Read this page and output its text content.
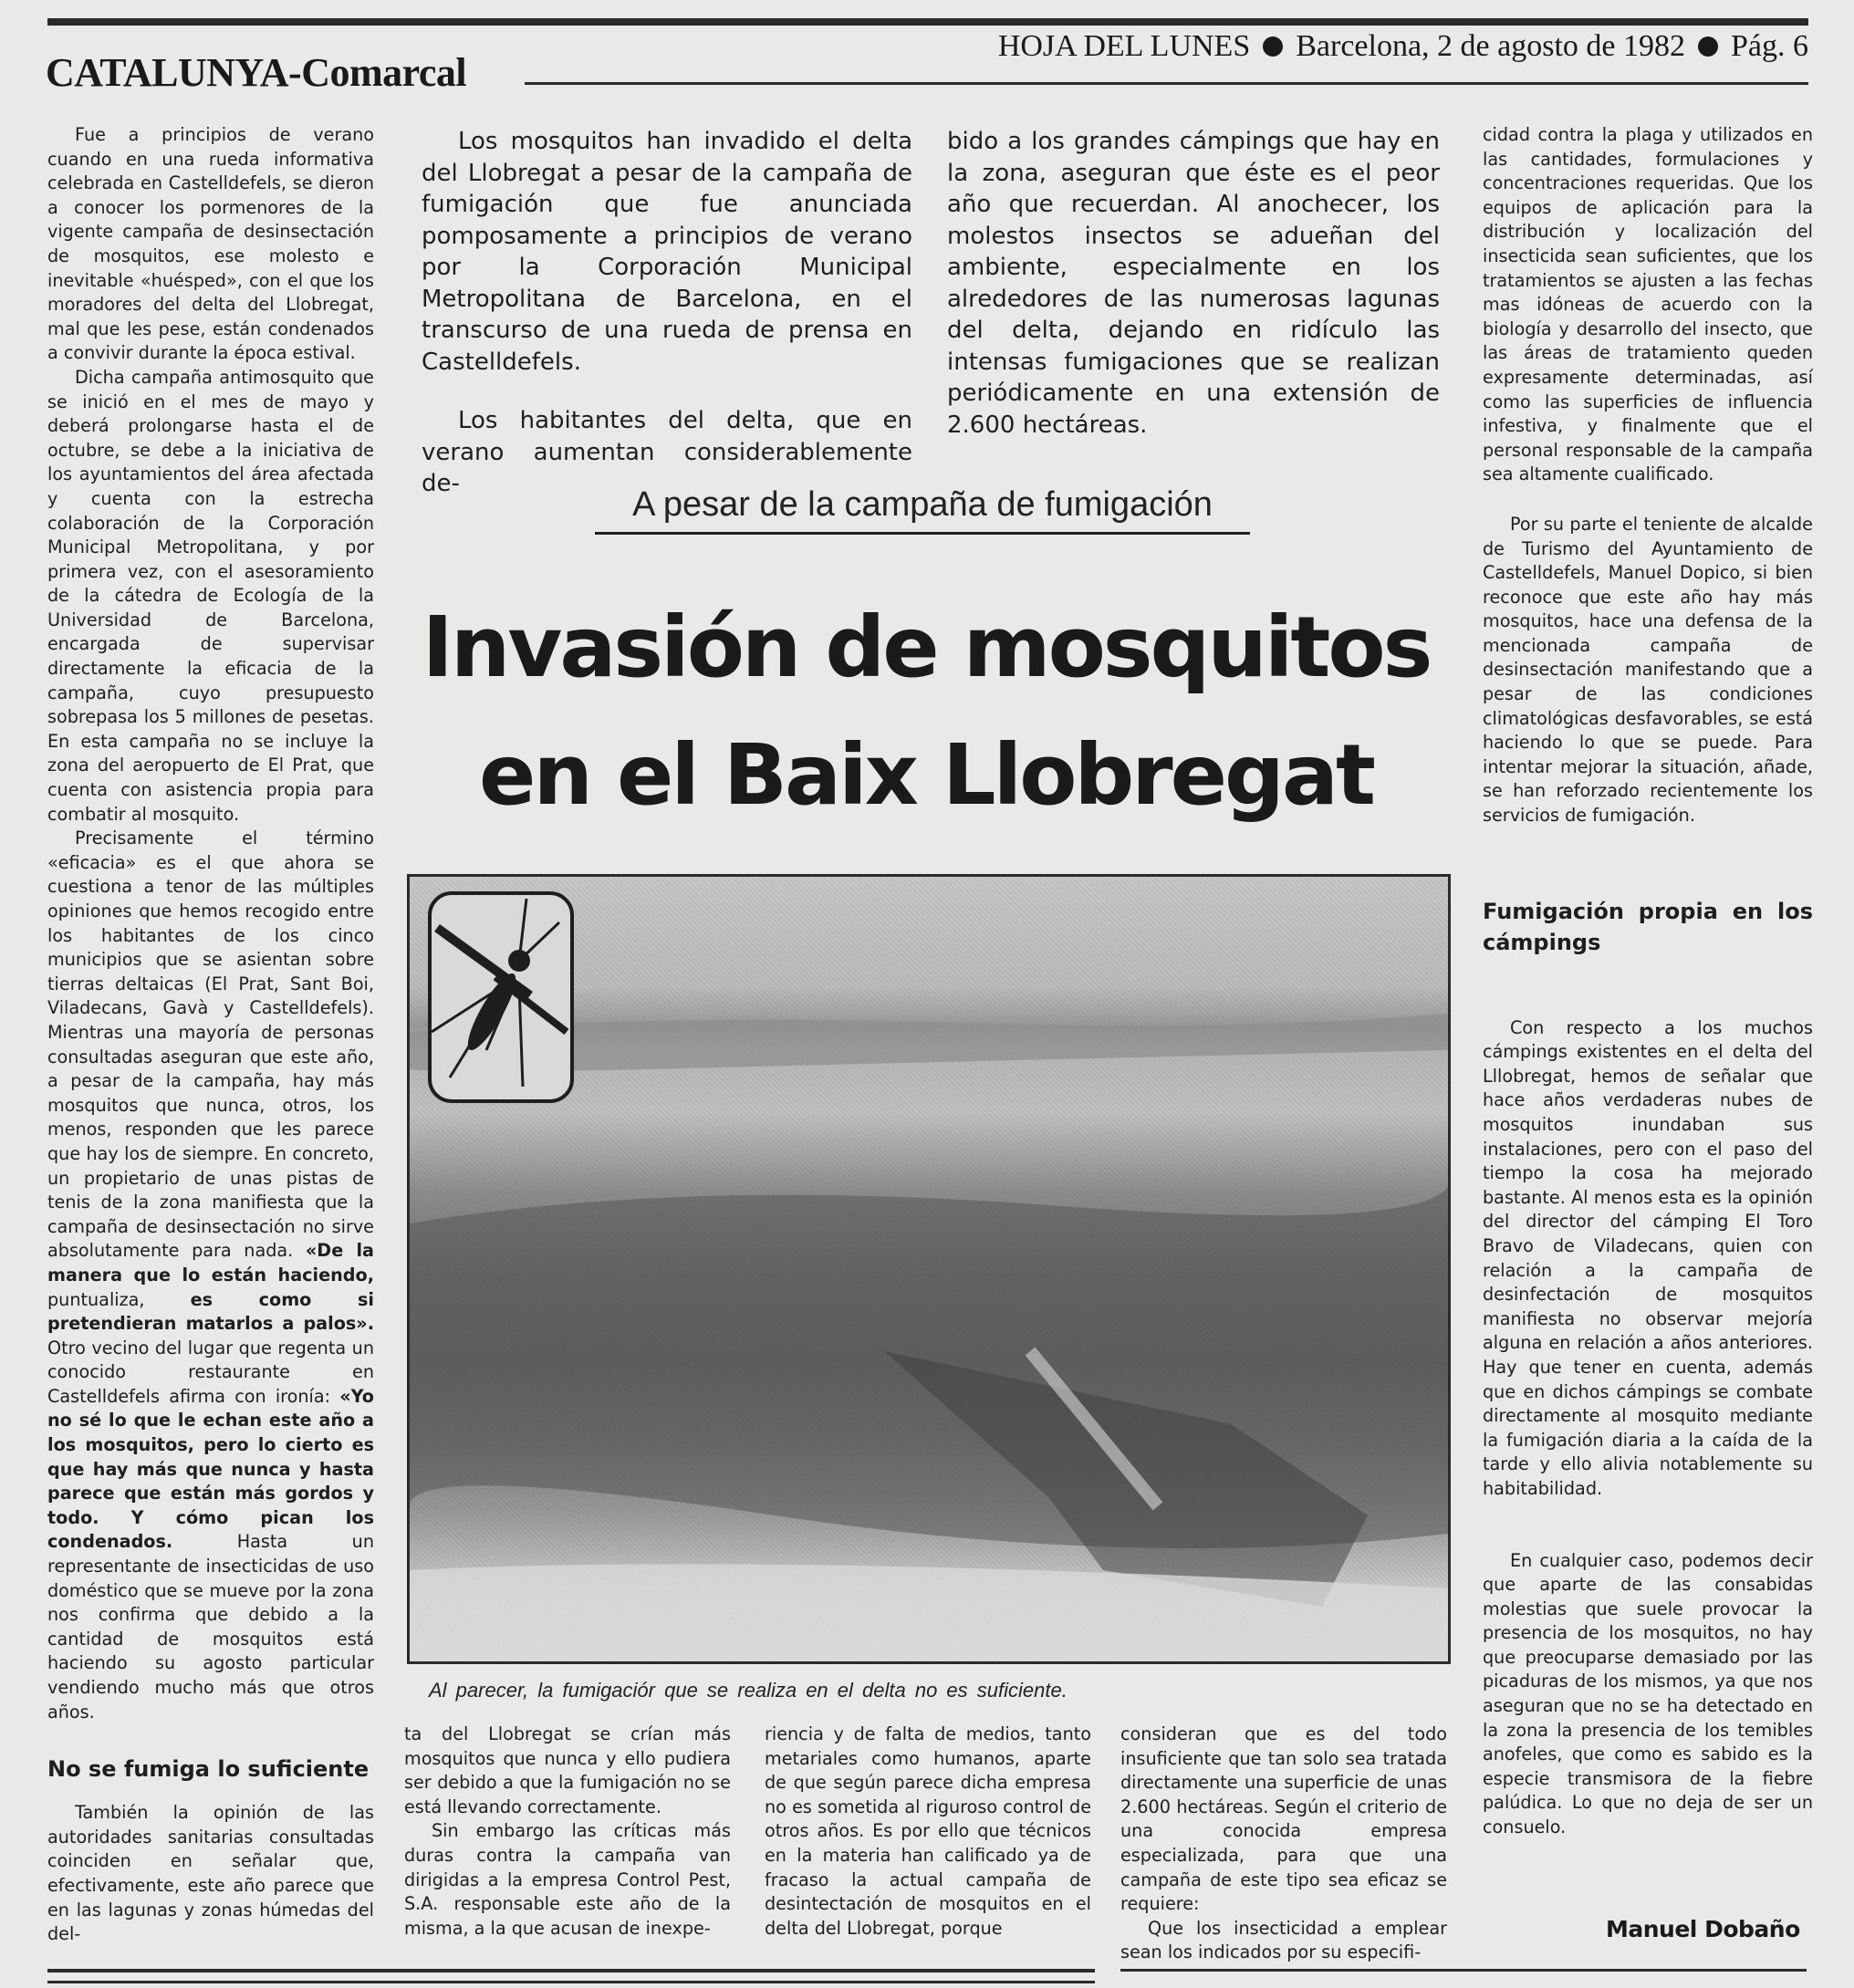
CATALUNYA-Comarcal
HOJA DEL LUNES Barcelona, 2 de agosto de 1982 Pág. 6

Fue a principios de verano cuando en una rueda informativa celebrada en Castelldefels, se dieron a conocer los pormenores de la vigente campaña de desinsectación de mosquitos, ese molesto e inevitable «huésped», con el que los moradores del delta del Llobregat, mal que les pese, están condenados a convivir durante la época estival.

Dicha campaña antimosquito que se inició en el mes de mayo y deberá prolongarse hasta el de octubre, se debe a la iniciativa de los ayuntamientos del área afectada y cuenta con la estrecha colaboración de la Corporación Municipal Metropolitana, y por primera vez, con el asesoramiento de la cátedra de Ecología de la Universidad de Barcelona, encargada de supervisar directamente la eficacia de la campaña, cuyo presupuesto sobrepasa los 5 millones de pesetas. En esta campaña no se incluye la zona del aeropuerto de El Prat, que cuenta con asistencia propia para combatir al mosquito.

Precisamente el término «eficacia» es el que ahora se cuestiona a tenor de las múltiples opiniones que hemos recogido entre los habitantes de los cinco municipios que se asientan sobre tierras deltaicas (El Prat, Sant Boi, Viladecans, Gavà y Castelldefels). Mientras una mayoría de personas consultadas aseguran que este año, a pesar de la campaña, hay más mosquitos que nunca, otros, los menos, responden que les parece que hay los de siempre. En concreto, un propietario de unas pistas de tenis de la zona manifiesta que la campaña de desinsectación no sirve absolutamente para nada. «De la manera que lo están haciendo, puntualiza, es como si pretendieran matarlos a palos». Otro vecino del lugar que regenta un conocido restaurante en Castelldefels afirma con ironía: «Yo no sé lo que le echan este año a los mosquitos, pero lo cierto es que hay más que nunca y hasta parece que están más gordos y todo. Y cómo pican los condenados. Hasta un representante de insecticidas de uso doméstico que se mueve por la zona nos confirma que debido a la cantidad de mosquitos está haciendo su agosto particular vendiendo mucho más que otros años.

No se fumiga lo suficiente

También la opinión de las autoridades sanitarias consultadas coinciden en señalar que, efectivamente, este año parece que en las lagunas y zonas húmedas del del-

Los mosquitos han invadido el delta del Llobregat a pesar de la campaña de fumigación que fue anunciada pomposamente a principios de verano por la Corporación Municipal Metropolitana de Barcelona, en el transcurso de una rueda de prensa en Castelldefels.

Los habitantes del delta, que en verano aumentan considerablemente de-

bido a los grandes cámpings que hay en la zona, aseguran que éste es el peor año que recuerdan. Al anochecer, los molestos insectos se adueñan del ambiente, especialmente en los alrededores de las numerosas lagunas del delta, dejando en ridículo las intensas fumigaciones que se realizan periódicamente en una extensión de 2.600 hectáreas.

A pesar de la campaña de fumigación
Invasión de mosquitos
en el Baix Llobregat
Al parecer, la fumigaciór que se realiza en el delta no es suficiente.

ta del Llobregat se crían más mosquitos que nunca y ello pudiera ser debido a que la fumigación no se está llevando correctamente.

Sin embargo las críticas más duras contra la campaña van dirigidas a la empresa Control Pest, S.A. responsable este año de la misma, a la que acusan de inexpe-

riencia y de falta de medios, tanto metariales como humanos, aparte de que según parece dicha empresa no es sometida al riguroso control de otros años. Es por ello que técnicos en la materia han calificado ya de fracaso la actual campaña de desintectación de mosquitos en el delta del Llobregat, porque

consideran que es del todo insuficiente que tan solo sea tratada directamente una superficie de unas 2.600 hectáreas. Según el criterio de una conocida empresa especializada, para que una campaña de este tipo sea eficaz se requiere:

Que los insecticidad a emplear sean los indicados por su especifi-

cidad contra la plaga y utilizados en las cantidades, formulaciones y concentraciones requeridas. Que los equipos de aplicación para la distribución y localización del insecticida sean suficientes, que los tratamientos se ajusten a las fechas mas idóneas de acuerdo con la biología y desarrollo del insecto, que las áreas de tratamiento queden expresamente determinadas, así como las superficies de influencia infestiva, y finalmente que el personal responsable de la campaña sea altamente cualificado.

Por su parte el teniente de alcalde de Turismo del Ayuntamiento de Castelldefels, Manuel Dopico, si bien reconoce que este año hay más mosquitos, hace una defensa de la mencionada campaña de desinsectación manifestando que a pesar de las condiciones climatológicas desfavorables, se está haciendo lo que se puede. Para intentar mejorar la situación, añade, se han reforzado recientemente los servicios de fumigación.

Fumigación propia en los cámpings

Con respecto a los muchos cámpings existentes en el delta del Lllobregat, hemos de señalar que hace años verdaderas nubes de mosquitos inundaban sus instalaciones, pero con el paso del tiempo la cosa ha mejorado bastante. Al menos esta es la opinión del director del cámping El Toro Bravo de Viladecans, quien con relación a la campaña de desinfectación de mosquitos manifiesta no observar mejoría alguna en relación a años anteriores. Hay que tener en cuenta, además que en dichos cámpings se combate directamente al mosquito mediante la fumigación diaria a la caída de la tarde y ello alivia notablemente su habitabilidad.

En cualquier caso, podemos decir que aparte de las consabidas molestias que suele provocar la presencia de los mosquitos, no hay que preocuparse demasiado por las picaduras de los mismos, ya que nos aseguran que no se ha detectado en la zona la presencia de los temibles anofeles, que como es sabido es la especie transmisora de la fiebre palúdica. Lo que no deja de ser un consuelo.

Manuel Dobaño
